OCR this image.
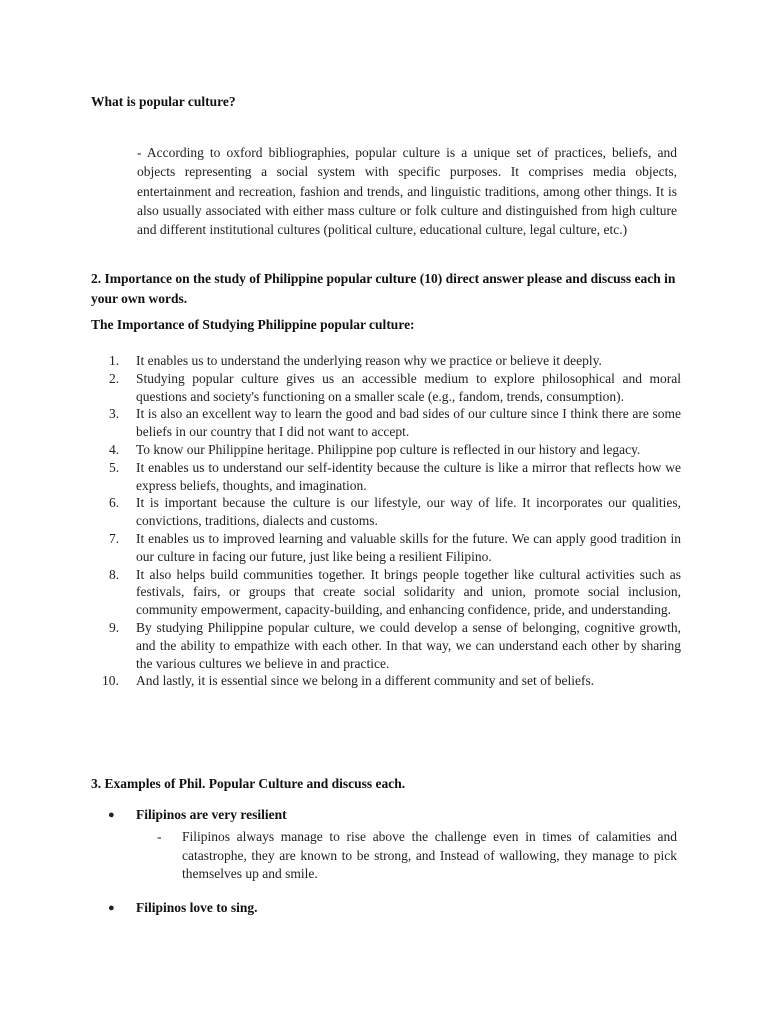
What is popular culture?
- According to oxford bibliographies, popular culture is a unique set of practices, beliefs, and objects representing a social system with specific purposes. It comprises media objects, entertainment and recreation, fashion and trends, and linguistic traditions, among other things. It is also usually associated with either mass culture or folk culture and distinguished from high culture and different institutional cultures (political culture, educational culture, legal culture, etc.)
2. Importance on the study of Philippine popular culture (10) direct answer please and discuss each in your own words.
The Importance of Studying Philippine popular culture:
1.	It enables us to understand the underlying reason why we practice or believe it deeply.
2.	Studying popular culture gives us an accessible medium to explore philosophical and moral questions and society's functioning on a smaller scale (e.g., fandom, trends, consumption).
3.	It is also an excellent way to learn the good and bad sides of our culture since I think there are some beliefs in our country that I did not want to accept.
4.	To know our Philippine heritage. Philippine pop culture is reflected in our history and legacy.
5.	It enables us to understand our self-identity because the culture is like a mirror that reflects how we express beliefs, thoughts, and imagination.
6.	It is important because the culture is our lifestyle, our way of life. It incorporates our qualities, convictions, traditions, dialects and customs.
7.	It enables us to improved learning and valuable skills for the future. We can apply good tradition in our culture in facing our future, just like being a resilient Filipino.
8.	It also helps build communities together. It brings people together like cultural activities such as festivals, fairs, or groups that create social solidarity and union, promote social inclusion, community empowerment, capacity-building, and enhancing confidence, pride, and understanding.
9.	By studying Philippine popular culture, we could develop a sense of belonging, cognitive growth, and the ability to empathize with each other. In that way, we can understand each other by sharing the various cultures we believe in and practice.
10.	And lastly, it is essential since we belong in a different community and set of beliefs.
3. Examples of Phil. Popular Culture and discuss each.
● Filipinos are very resilient
- Filipinos always manage to rise above the challenge even in times of calamities and catastrophe, they are known to be strong, and Instead of wallowing, they manage to pick themselves up and smile.
● Filipinos love to sing.
